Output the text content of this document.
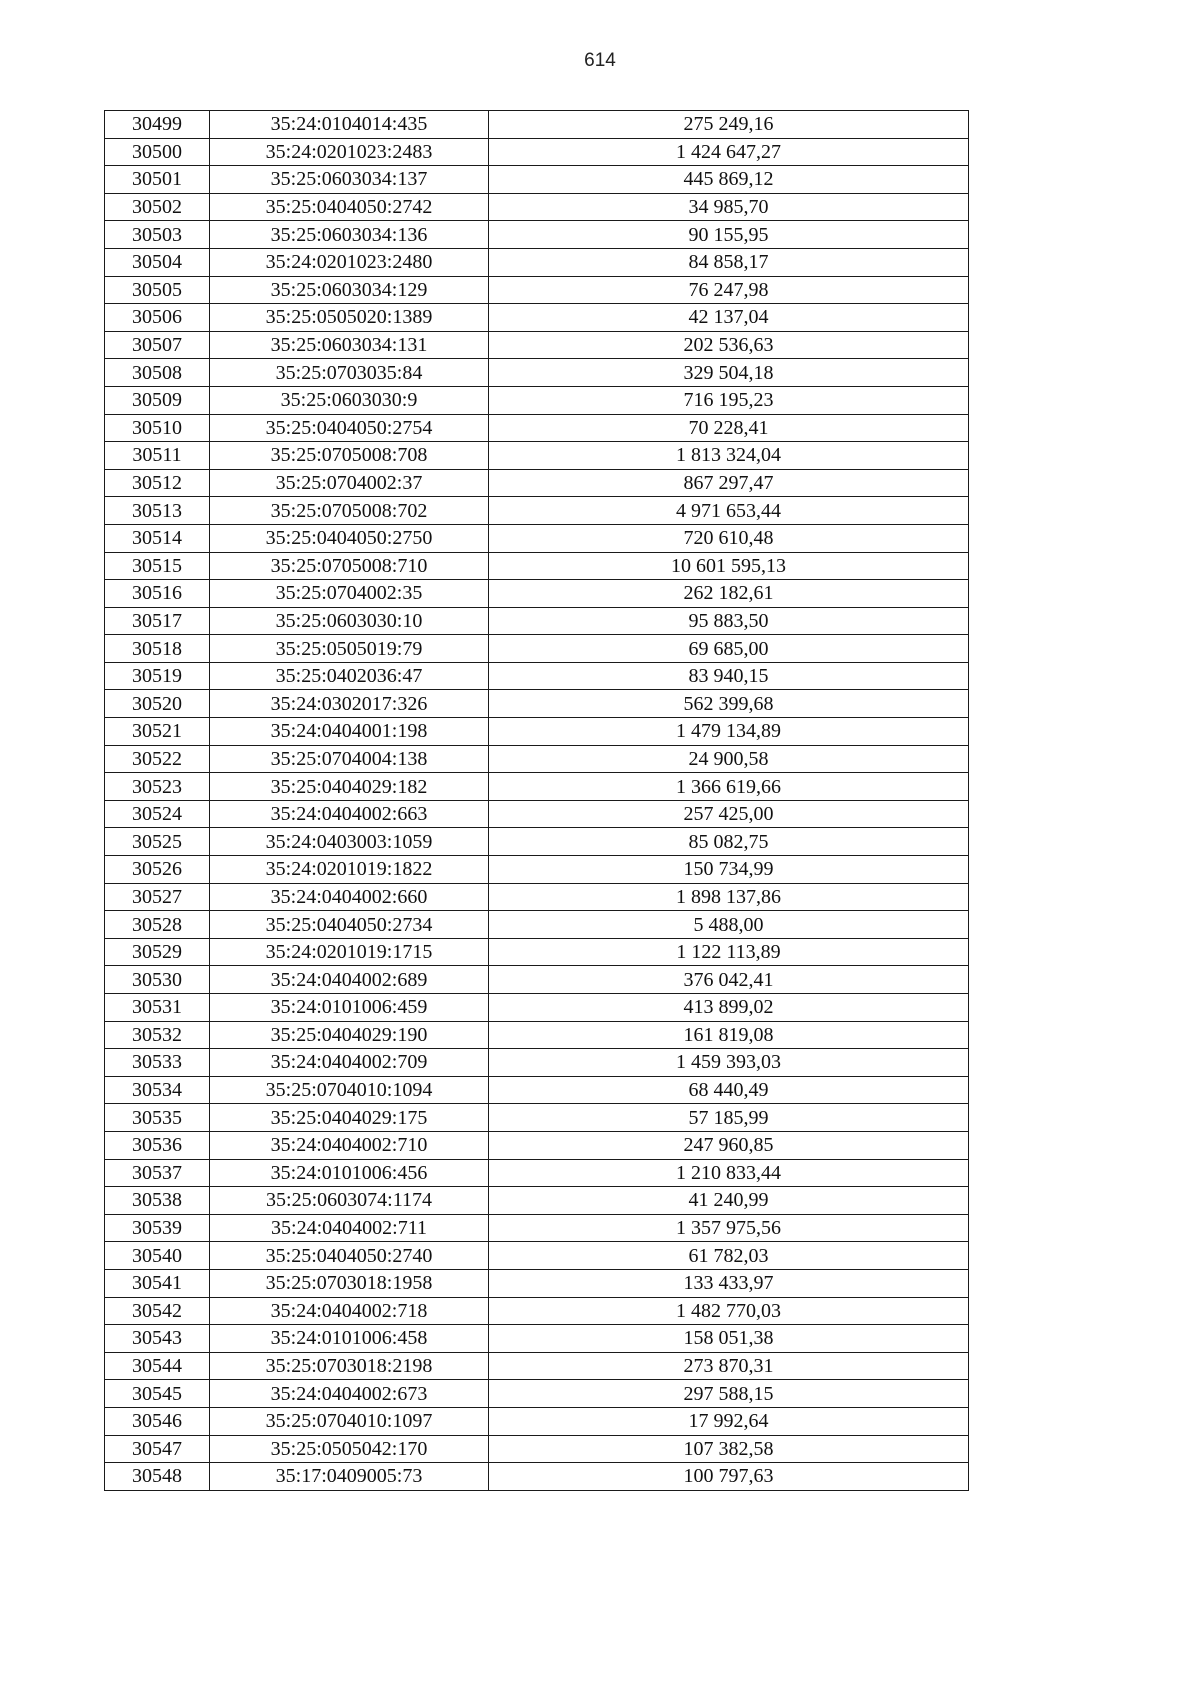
614
30499	35:24:0104014:435	275 249,16
30500	35:24:0201023:2483	1 424 647,27
30501	35:25:0603034:137	445 869,12
30502	35:25:0404050:2742	34 985,70
30503	35:25:0603034:136	90 155,95
30504	35:24:0201023:2480	84 858,17
30505	35:25:0603034:129	76 247,98
30506	35:25:0505020:1389	42 137,04
30507	35:25:0603034:131	202 536,63
30508	35:25:0703035:84	329 504,18
30509	35:25:0603030:9	716 195,23
30510	35:25:0404050:2754	70 228,41
30511	35:25:0705008:708	1 813 324,04
30512	35:25:0704002:37	867 297,47
30513	35:25:0705008:702	4 971 653,44
30514	35:25:0404050:2750	720 610,48
30515	35:25:0705008:710	10 601 595,13
30516	35:25:0704002:35	262 182,61
30517	35:25:0603030:10	95 883,50
30518	35:25:0505019:79	69 685,00
30519	35:25:0402036:47	83 940,15
30520	35:24:0302017:326	562 399,68
30521	35:24:0404001:198	1 479 134,89
30522	35:25:0704004:138	24 900,58
30523	35:25:0404029:182	1 366 619,66
30524	35:24:0404002:663	257 425,00
30525	35:24:0403003:1059	85 082,75
30526	35:24:0201019:1822	150 734,99
30527	35:24:0404002:660	1 898 137,86
30528	35:25:0404050:2734	5 488,00
30529	35:24:0201019:1715	1 122 113,89
30530	35:24:0404002:689	376 042,41
30531	35:24:0101006:459	413 899,02
30532	35:25:0404029:190	161 819,08
30533	35:24:0404002:709	1 459 393,03
30534	35:25:0704010:1094	68 440,49
30535	35:25:0404029:175	57 185,99
30536	35:24:0404002:710	247 960,85
30537	35:24:0101006:456	1 210 833,44
30538	35:25:0603074:1174	41 240,99
30539	35:24:0404002:711	1 357 975,56
30540	35:25:0404050:2740	61 782,03
30541	35:25:0703018:1958	133 433,97
30542	35:24:0404002:718	1 482 770,03
30543	35:24:0101006:458	158 051,38
30544	35:25:0703018:2198	273 870,31
30545	35:24:0404002:673	297 588,15
30546	35:25:0704010:1097	17 992,64
30547	35:25:0505042:170	107 382,58
30548	35:17:0409005:73	100 797,63
